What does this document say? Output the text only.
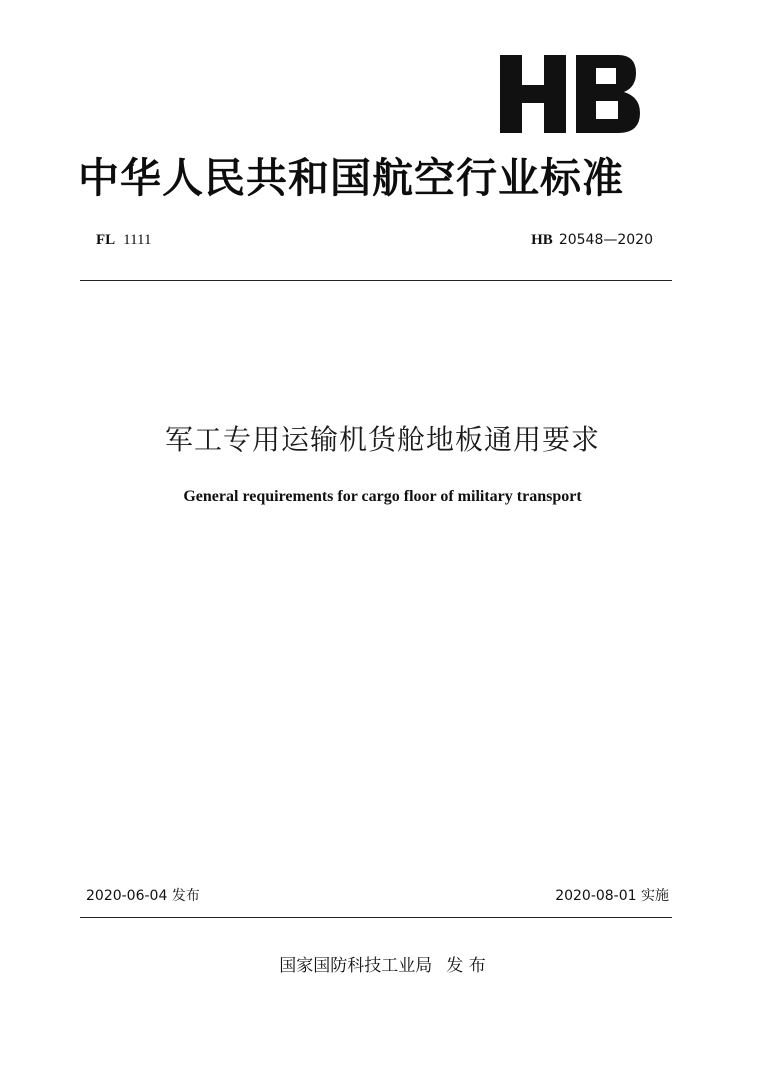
中华人民共和国航空行业标准
FL 1111	HB 20548—2020
军工专用运输机货舱地板通用要求
General requirements for cargo floor of military transport
2020-06-04 发布	2020-08-01 实施
国家国防科技工业局 发 布
